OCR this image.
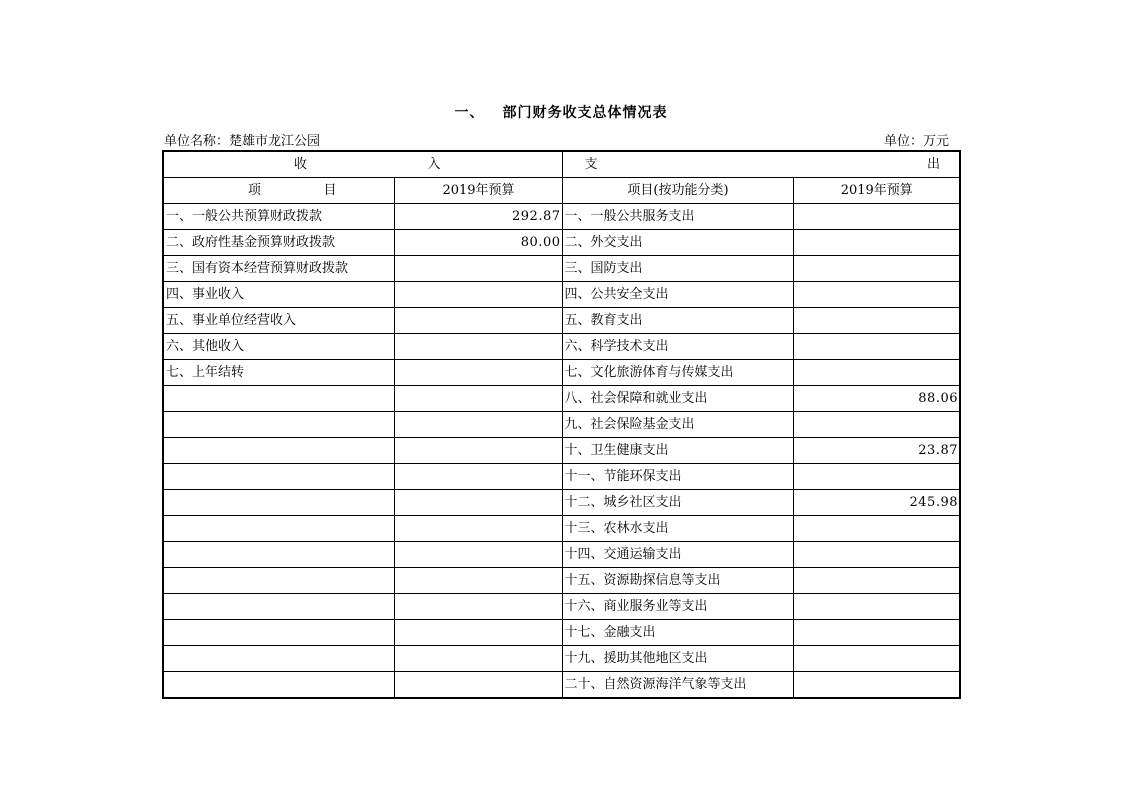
一、 部门财务收支总体情况表
单位名称：楚雄市龙江公园	单位：万元
收 入		支 出	

项 目	2019年预算	项目(按功能分类)	2019年预算
一、一般公共预算财政拨款	292.87	一、一般公共服务支出	
二、政府性基金预算财政拨款	80.00	二、外交支出	
三、国有资本经营预算财政拨款		三、国防支出	
四、事业收入		四、公共安全支出	
五、事业单位经营收入		五、教育支出	
六、其他收入		六、科学技术支出	
七、上年结转		七、文化旅游体育与传媒支出	
		八、社会保障和就业支出	88.06
		九、社会保险基金支出	
		十、卫生健康支出	23.87
		十一、节能环保支出	
		十二、城乡社区支出	245.98
		十三、农林水支出	
		十四、交通运输支出	
		十五、资源勘探信息等支出	
		十六、商业服务业等支出	
		十七、金融支出	
		十九、援助其他地区支出	
		二十、自然资源海洋气象等支出	
